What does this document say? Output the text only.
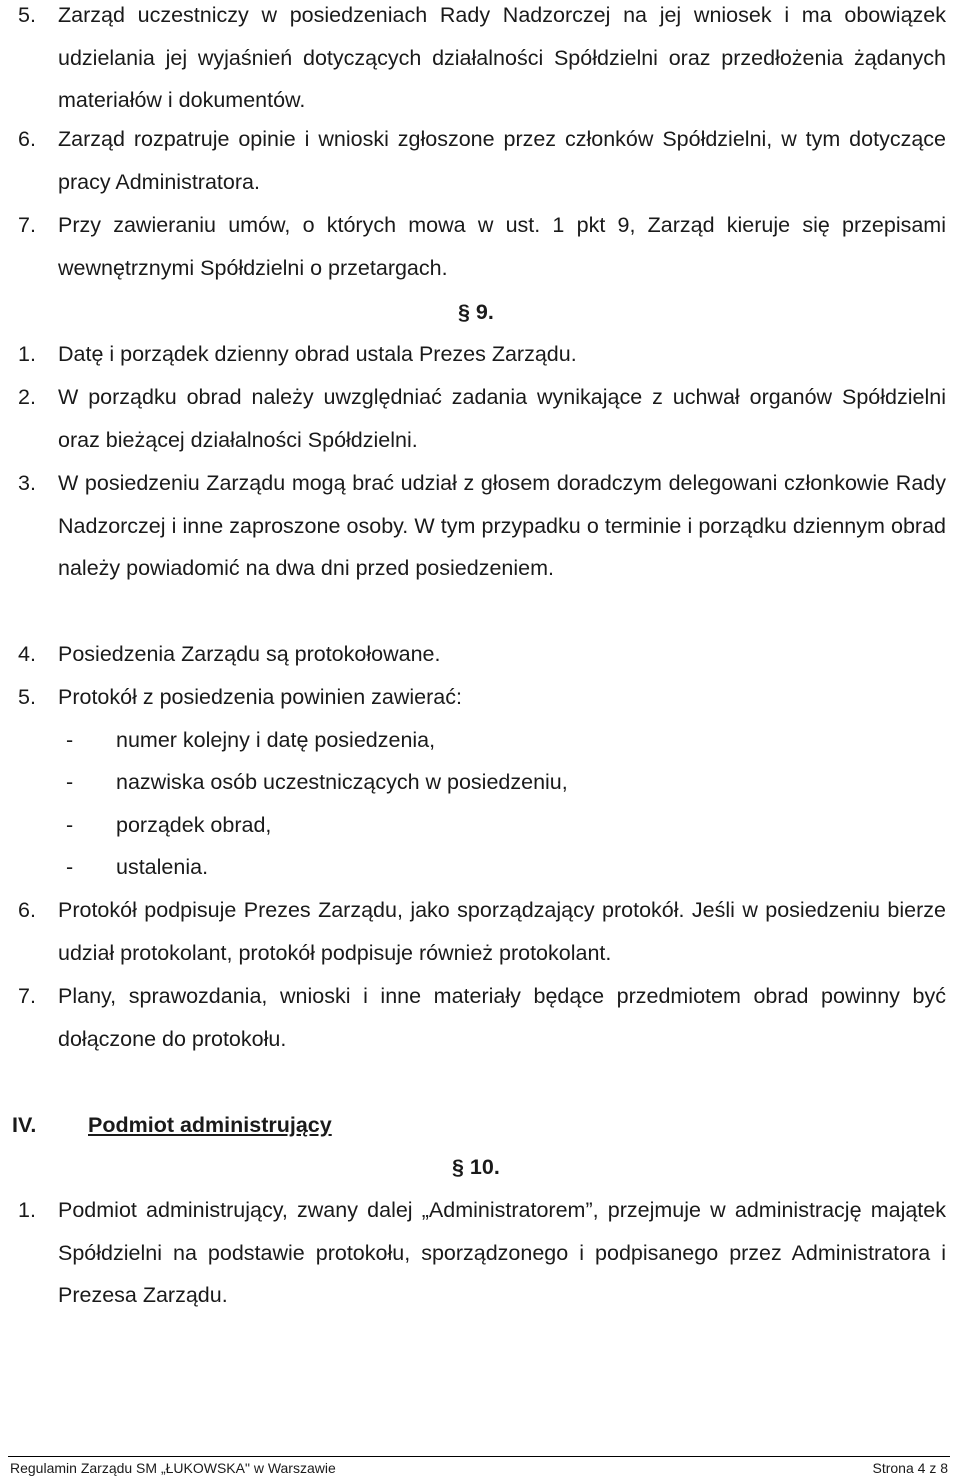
5. Zarząd uczestniczy w posiedzeniach Rady Nadzorczej na jej wniosek i ma obowiązek udzielania jej wyjaśnień dotyczących działalności Spółdzielni oraz przedłożenia żądanych materiałów i dokumentów.
6. Zarząd rozpatruje opinie i wnioski zgłoszone przez członków Spółdzielni, w tym dotyczące pracy Administratora.
7. Przy zawieraniu umów, o których mowa w ust. 1 pkt 9, Zarząd kieruje się przepisami wewnętrznymi Spółdzielni o przetargach.
§ 9.
1. Datę i porządek dzienny obrad ustala Prezes Zarządu.
2. W porządku obrad należy uwzględniać zadania wynikające z uchwał organów Spółdzielni oraz bieżącej działalności Spółdzielni.
3. W posiedzeniu Zarządu mogą brać udział z głosem doradczym delegowani członkowie Rady Nadzorczej i inne zaproszone osoby. W tym przypadku o terminie i porządku dziennym obrad należy powiadomić na dwa dni przed posiedzeniem.
4. Posiedzenia Zarządu są protokołowane.
5. Protokół z posiedzenia powinien zawierać:
- numer kolejny i datę posiedzenia,
- nazwiska osób uczestniczących w posiedzeniu,
- porządek obrad,
- ustalenia.
6. Protokół podpisuje Prezes Zarządu, jako sporządzający protokół. Jeśli w posiedzeniu bierze udział protokolant, protokół podpisuje również protokolant.
7. Plany, sprawozdania, wnioski i inne materiały będące przedmiotem obrad powinny być dołączone do protokołu.
IV. Podmiot administrujący
§ 10.
1. Podmiot administrujący, zwany dalej „Administratorem”, przejmuje w administrację majątek Spółdzielni na podstawie protokołu, sporządzonego i podpisanego przez Administratora i Prezesa Zarządu.
Regulamin Zarządu SM „ŁUKOWSKA" w Warszawie	Strona 4 z 8
